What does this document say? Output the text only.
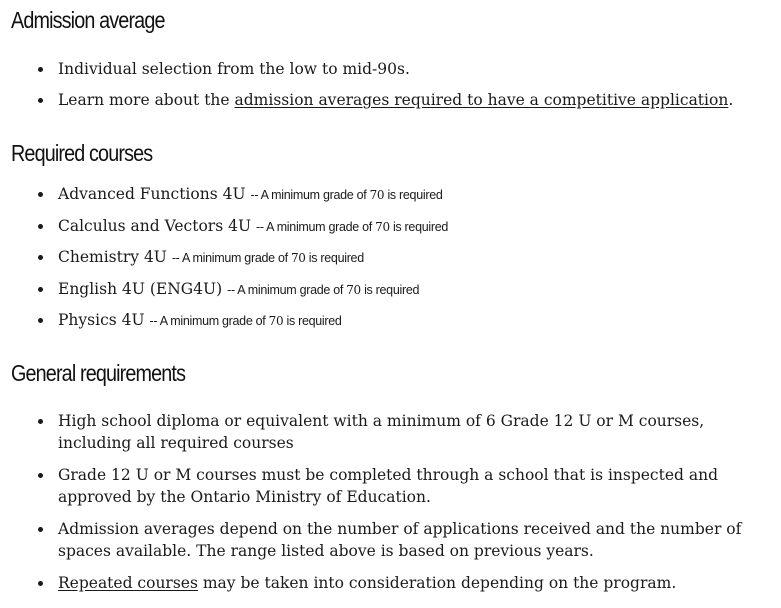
Admission average
Individual selection from the low to mid-90s.
Learn more about the admission averages required to have a competitive application.
Required courses
Advanced Functions 4U -- A minimum grade of 70 is required
Calculus and Vectors 4U -- A minimum grade of 70 is required
Chemistry 4U -- A minimum grade of 70 is required
English 4U (ENG4U) -- A minimum grade of 70 is required
Physics 4U -- A minimum grade of 70 is required
General requirements
High school diploma or equivalent with a minimum of 6 Grade 12 U or M courses, including all required courses
Grade 12 U or M courses must be completed through a school that is inspected and approved by the Ontario Ministry of Education.
Admission averages depend on the number of applications received and the number of spaces available. The range listed above is based on previous years.
Repeated courses may be taken into consideration depending on the program.
